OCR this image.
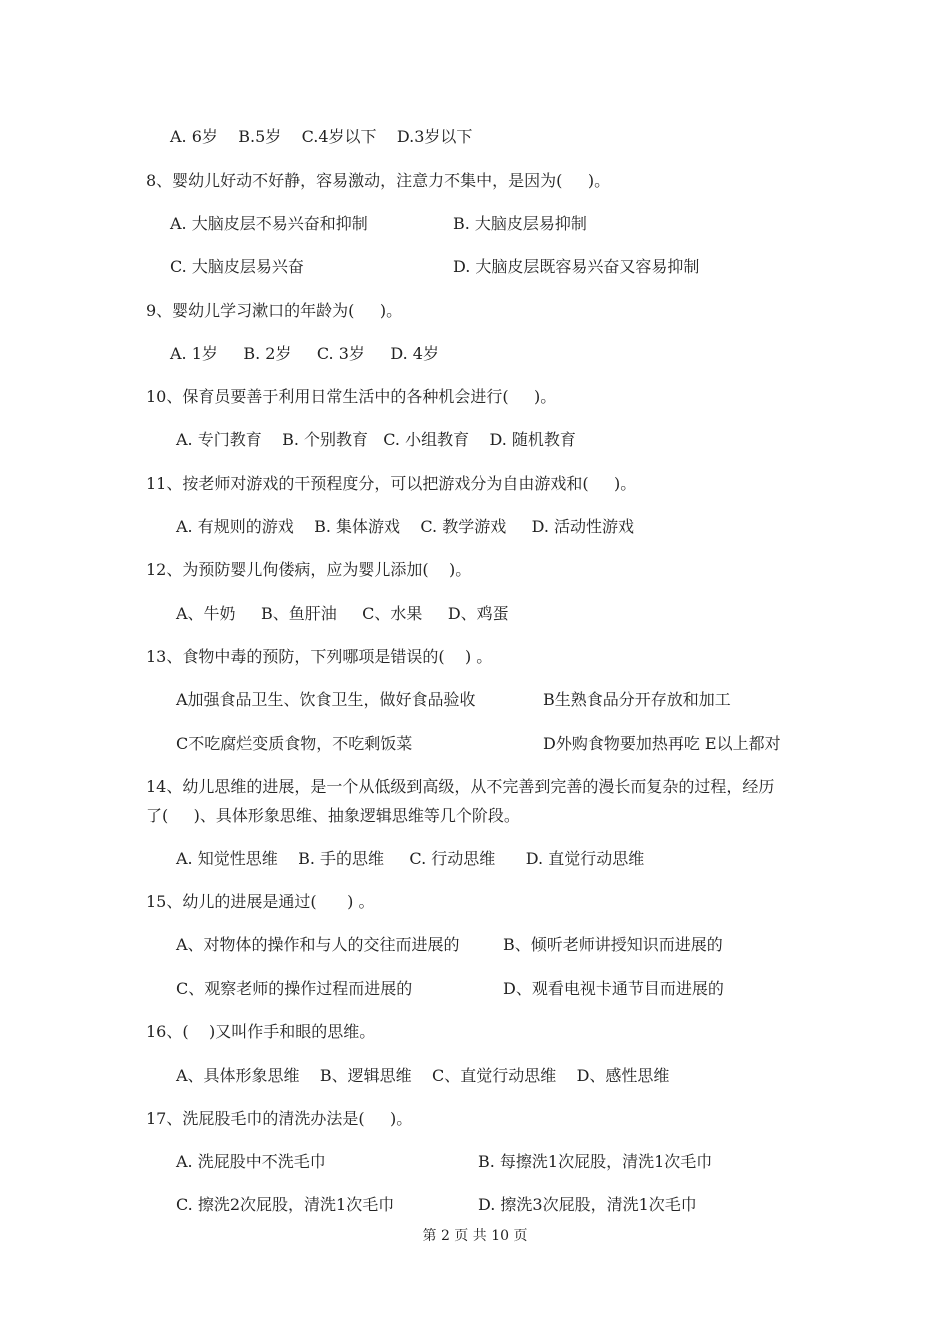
A. 6岁    B.5岁    C.4岁以下    D.3岁以下
8、婴幼儿好动不好静，容易激动，注意力不集中，是因为(     )。
A. 大脑皮层不易兴奋和抑制	B. 大脑皮层易抑制
C. 大脑皮层易兴奋	D. 大脑皮层既容易兴奋又容易抑制
9、婴幼儿学习漱口的年龄为(     )。
A. 1岁     B. 2岁     C. 3岁     D. 4岁
10、保育员要善于利用日常生活中的各种机会进行(     )。
A. 专门教育    B. 个别教育   C. 小组教育    D. 随机教育
11、按老师对游戏的干预程度分，可以把游戏分为自由游戏和(     )。
A. 有规则的游戏    B. 集体游戏    C. 教学游戏     D. 活动性游戏
12、为预防婴儿佝偻病，应为婴儿添加(    )。
A、牛奶     B、鱼肝油     C、水果     D、鸡蛋
13、食物中毒的预防，下列哪项是错误的(    ) 。
A加强食品卫生、饮食卫生，做好食品验收	B生熟食品分开存放和加工
C不吃腐烂变质食物，不吃剩饭菜	D外购食物要加热再吃 E以上都对
14、幼儿思维的进展，是一个从低级到高级，从不完善到完善的漫长而复杂的过程，经历
了(     )、具体形象思维、抽象逻辑思维等几个阶段。
A. 知觉性思维    B. 手的思维     C. 行动思维      D. 直觉行动思维
15、幼儿的进展是通过(      ) 。
A、对物体的操作和与人的交往而进展的	B、倾听老师讲授知识而进展的
C、观察老师的操作过程而进展的	D、观看电视卡通节目而进展的
16、(    )又叫作手和眼的思维。
A、具体形象思维    B、逻辑思维    C、直觉行动思维    D、感性思维
17、洗屁股毛巾的清洗办法是(     )。
A. 洗屁股中不洗毛巾	B. 每擦洗1次屁股，清洗1次毛巾
C. 擦洗2次屁股，清洗1次毛巾	D. 擦洗3次屁股，清洗1次毛巾
第 2 页 共 10 页
